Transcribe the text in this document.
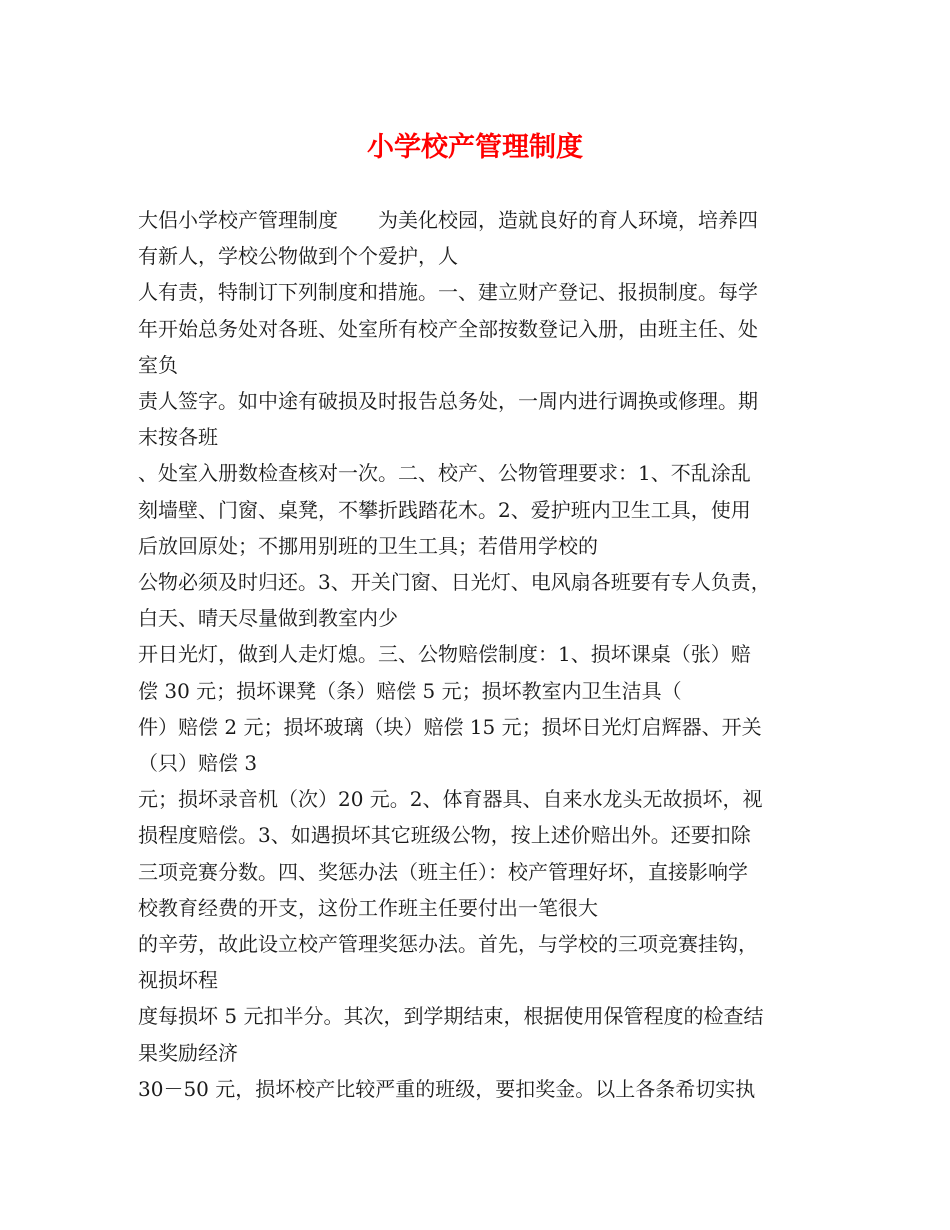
小学校产管理制度
大侣小学校产管理制度　　为美化校园，造就良好的育人环境，培养四
有新人，学校公物做到个个爱护，人
人有责，特制订下列制度和措施。一、建立财产登记、报损制度。每学
年开始总务处对各班、处室所有校产全部按数登记入册，由班主任、处
室负
责人签字。如中途有破损及时报告总务处，一周内进行调换或修理。期
末按各班
、处室入册数检查核对一次。二、校产、公物管理要求：1、不乱涂乱
刻墙壁、门窗、桌凳，不攀折践踏花木。2、爱护班内卫生工具，使用
后放回原处；不挪用别班的卫生工具；若借用学校的
公物必须及时归还。3、开关门窗、日光灯、电风扇各班要有专人负责，
白天、晴天尽量做到教室内少
开日光灯，做到人走灯熄。三、公物赔偿制度：1、损坏课桌（张）赔
偿 30 元；损坏课凳（条）赔偿 5 元；损坏教室内卫生洁具（
件）赔偿 2 元；损坏玻璃（块）赔偿 15 元；损坏日光灯启辉器、开关
（只）赔偿 3
元；损坏录音机（次）20 元。2、体育器具、自来水龙头无故损坏，视
损程度赔偿。3、如遇损坏其它班级公物，按上述价赔出外。还要扣除
三项竞赛分数。四、奖惩办法（班主任）：校产管理好坏，直接影响学
校教育经费的开支，这份工作班主任要付出一笔很大
的辛劳，故此设立校产管理奖惩办法。首先，与学校的三项竞赛挂钩，
视损坏程
度每损坏 5 元扣半分。其次，到学期结束，根据使用保管程度的检查结
果奖励经济
30－50 元，损坏校产比较严重的班级，要扣奖金。以上各条希切实执
